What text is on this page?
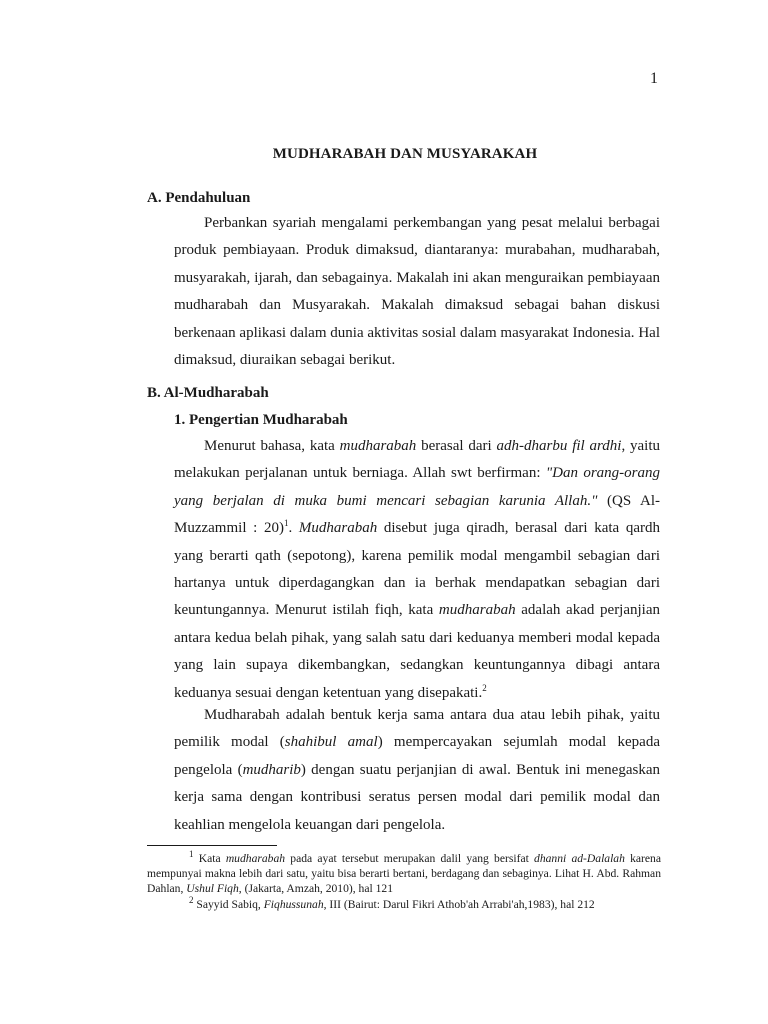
1
MUDHARABAH DAN MUSYARAKAH
A. Pendahuluan
Perbankan syariah mengalami perkembangan yang pesat melalui berbagai produk pembiayaan. Produk dimaksud, diantaranya: murabahan, mudharabah, musyarakah, ijarah, dan sebagainya. Makalah ini akan menguraikan pembiayaan mudharabah dan Musyarakah. Makalah dimaksud sebagai bahan diskusi berkenaan aplikasi dalam dunia aktivitas sosial dalam masyarakat Indonesia. Hal dimaksud, diuraikan sebagai berikut.
B. Al-Mudharabah
1. Pengertian Mudharabah
Menurut bahasa, kata mudharabah berasal dari adh-dharbu fil ardhi, yaitu melakukan perjalanan untuk berniaga. Allah swt berfirman: "Dan orang-orang yang berjalan di muka bumi mencari sebagian karunia Allah." (QS Al-Muzzammil : 20)$^1$. Mudharabah disebut juga qiradh, berasal dari kata qardh yang berarti qath (sepotong), karena pemilik modal mengambil sebagian dari hartanya untuk diperdagangkan dan ia berhak mendapatkan sebagian dari keuntungannya. Menurut istilah fiqh, kata mudharabah adalah akad perjanjian antara kedua belah pihak, yang salah satu dari keduanya memberi modal kepada yang lain supaya dikembangkan, sedangkan keuntungannya dibagi antara keduanya sesuai dengan ketentuan yang disepakati.$^2$
Mudharabah adalah bentuk kerja sama antara dua atau lebih pihak, yaitu pemilik modal (shahibul amal) mempercayakan sejumlah modal kepada pengelola (mudharib) dengan suatu perjanjian di awal. Bentuk ini menegaskan kerja sama dengan kontribusi seratus persen modal dari pemilik modal dan keahlian mengelola keuangan dari pengelola.
$^1$ Kata mudharabah pada ayat tersebut merupakan dalil yang bersifat dhanni ad-Dalalah karena mempunyai makna lebih dari satu, yaitu bisa berarti bertani, berdagang dan sebaginya. Lihat H. Abd. Rahman Dahlan, Ushul Fiqh, (Jakarta, Amzah, 2010), hal 121
$^2$ Sayyid Sabiq, Fiqhussunah, III (Bairut: Darul Fikri Athob'ah Arrabi'ah,1983), hal 212
